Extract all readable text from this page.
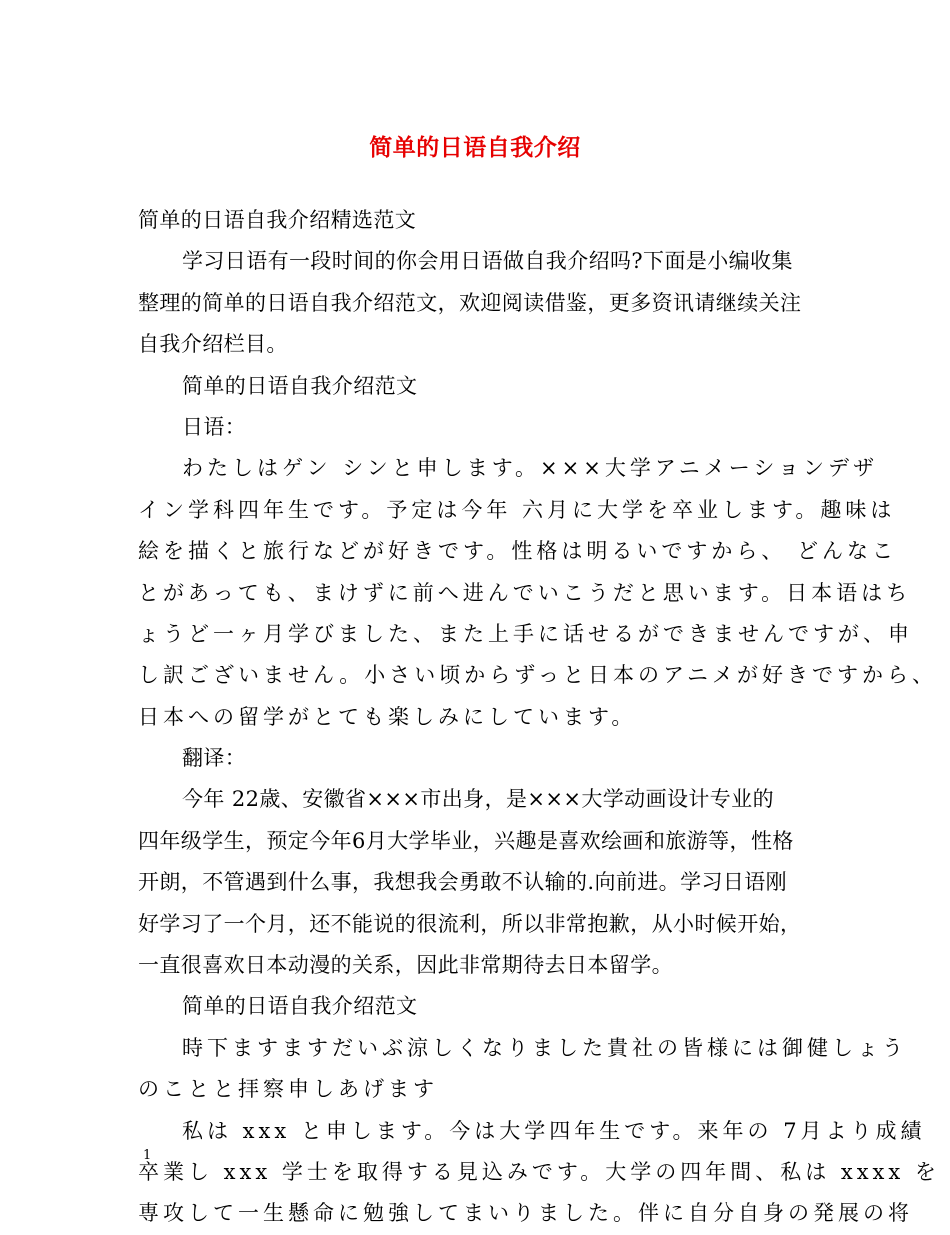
简单的日语自我介绍
简单的日语自我介绍精选范文
学习日语有一段时间的你会用日语做自我介绍吗?下面是小编收集
整理的简单的日语自我介绍范文，欢迎阅读借鉴，更多资讯请继续关注
自我介绍栏目。
简单的日语自我介绍范文
日语：
わたしはゲン シンと申します。×××大学アニメーションデザ
イン学科四年生です。予定は今年 六月に大学を卒业します。趣味は
絵を描くと旅行などが好きです。性格は明るいですから、 どんなこ
とがあっても、まけずに前へ进んでいこうだと思います。日本语はち
ょうど一ヶ月学びました、また上手に话せるができませんですが、申
し訳ございません。小さい顷からずっと日本のアニメが好きですから、
日本への留学がとても楽しみにしています。
翻译：
今年 22歳、安徽省×××市出身，是×××大学动画设计专业的
四年级学生，预定今年6月大学毕业，兴趣是喜欢绘画和旅游等，性格
开朗，不管遇到什么事，我想我会勇敢不认输的.向前进。学习日语刚
好学习了一个月，还不能说的很流利，所以非常抱歉，从小时候开始，
一直很喜欢日本动漫的关系，因此非常期待去日本留学。
简单的日语自我介绍范文
時下ますますだいぶ涼しくなりました貴社の皆様には御健しょう
のことと拝察申しあげます
私は xxx と申します。今は大学四年生です。来年の 7月より成績
卒業し xxx 学士を取得する見込みです。大学の四年間、私は xxxx を
専攻して一生懸命に勉強してまいりました。伴に自分自身の発展の将
1
